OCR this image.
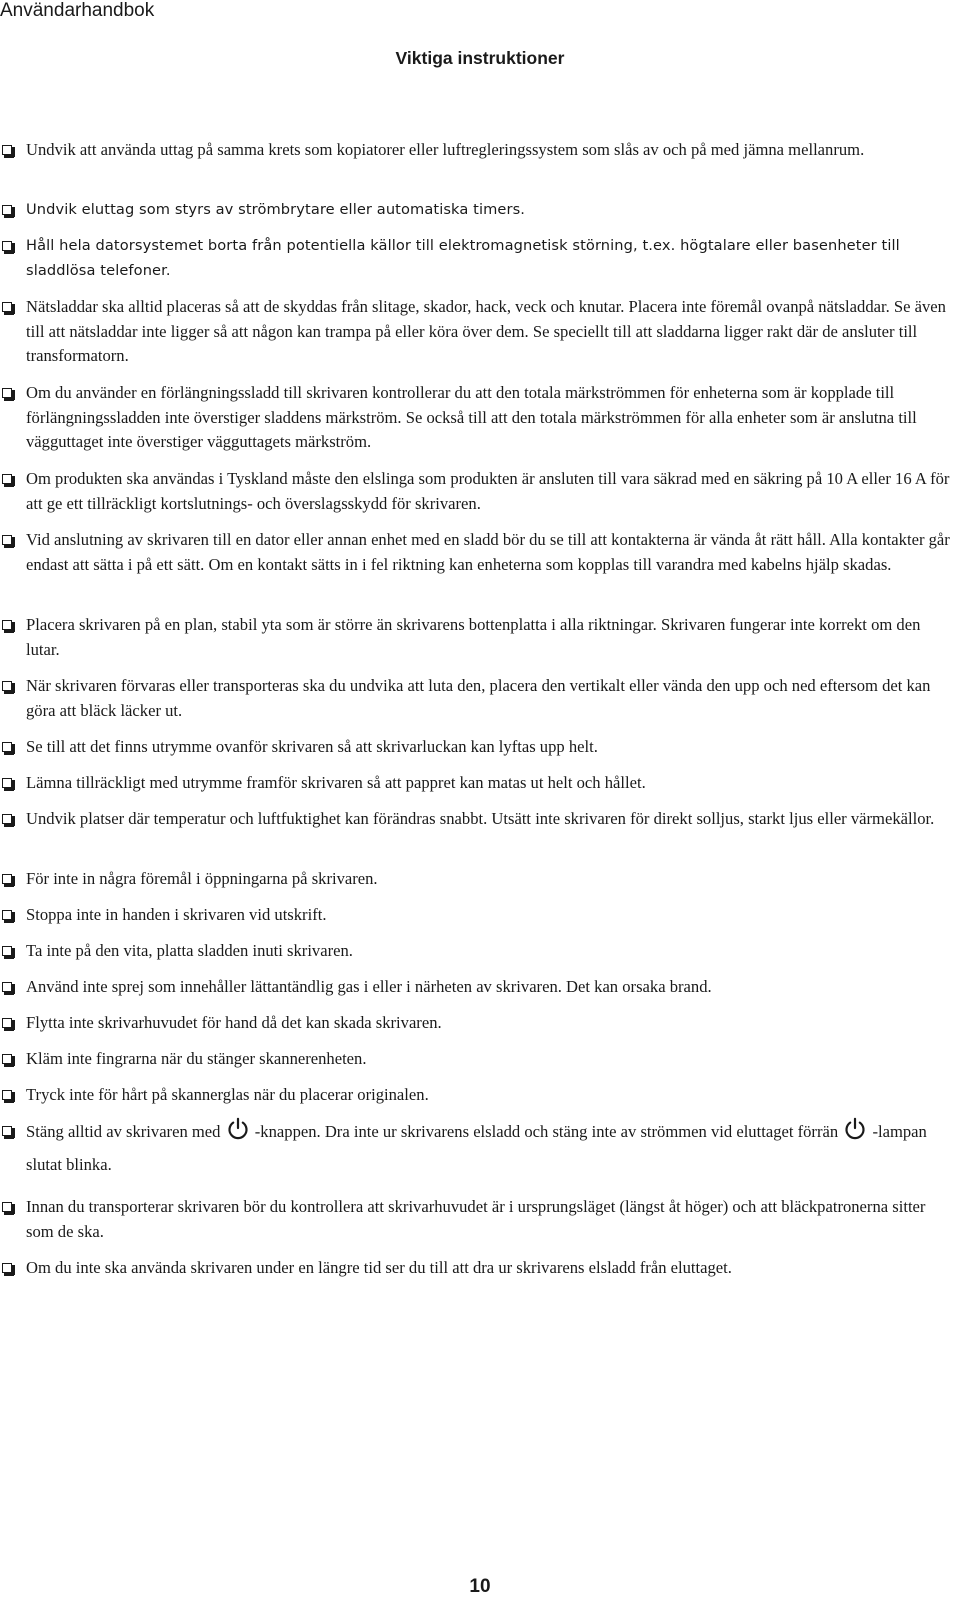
Användarhandbok
Viktiga instruktioner
Undvik att använda uttag på samma krets som kopiatorer eller luftregleringssystem som slås av och på med jämna mellanrum.
Undvik eluttag som styrs av strömbrytare eller automatiska timers.
Håll hela datorsystemet borta från potentiella källor till elektromagnetisk störning, t.ex. högtalare eller basenheter till sladdlösa telefoner.
Nätsladdar ska alltid placeras så att de skyddas från slitage, skador, hack, veck och knutar. Placera inte föremål ovanpå nätsladdar. Se även till att nätsladdar inte ligger så att någon kan trampa på eller köra över dem. Se speciellt till att sladdarna ligger rakt där de ansluter till transformatorn.
Om du använder en förlängningssladd till skrivaren kontrollerar du att den totala märkströmmen för enheterna som är kopplade till förlängningssladden inte överstiger sladdens märkström. Se också till att den totala märkströmmen för alla enheter som är anslutna till vägguttaget inte överstiger vägguttagets märkström.
Om produkten ska användas i Tyskland måste den elslinga som produkten är ansluten till vara säkrad med en säkring på 10 A eller 16 A för att ge ett tillräckligt kortslutnings- och överslagsskydd för skrivaren.
Vid anslutning av skrivaren till en dator eller annan enhet med en sladd bör du se till att kontakterna är vända åt rätt håll. Alla kontakter går endast att sätta i på ett sätt. Om en kontakt sätts in i fel riktning kan enheterna som kopplas till varandra med kabelns hjälp skadas.
Placera skrivaren på en plan, stabil yta som är större än skrivarens bottenplatta i alla riktningar. Skrivaren fungerar inte korrekt om den lutar.
När skrivaren förvaras eller transporteras ska du undvika att luta den, placera den vertikalt eller vända den upp och ned eftersom det kan göra att bläck läcker ut.
Se till att det finns utrymme ovanför skrivaren så att skrivarluckan kan lyftas upp helt.
Lämna tillräckligt med utrymme framför skrivaren så att pappret kan matas ut helt och hållet.
Undvik platser där temperatur och luftfuktighet kan förändras snabbt. Utsätt inte skrivaren för direkt solljus, starkt ljus eller värmekällor.
För inte in några föremål i öppningarna på skrivaren.
Stoppa inte in handen i skrivaren vid utskrift.
Ta inte på den vita, platta sladden inuti skrivaren.
Använd inte sprej som innehåller lättantändlig gas i eller i närheten av skrivaren. Det kan orsaka brand.
Flytta inte skrivarhuvudet för hand då det kan skada skrivaren.
Kläm inte fingrarna när du stänger skannerenheten.
Tryck inte för hårt på skannerglas när du placerar originalen.
Stäng alltid av skrivaren med -knappen. Dra inte ur skrivarens elsladd och stäng inte av strömmen vid eluttaget förrän -lampan slutat blinka.
Innan du transporterar skrivaren bör du kontrollera att skrivarhuvudet är i ursprungsläget (längst åt höger) och att bläckpatronerna sitter som de ska.
Om du inte ska använda skrivaren under en längre tid ser du till att dra ur skrivarens elsladd från eluttaget.
10
